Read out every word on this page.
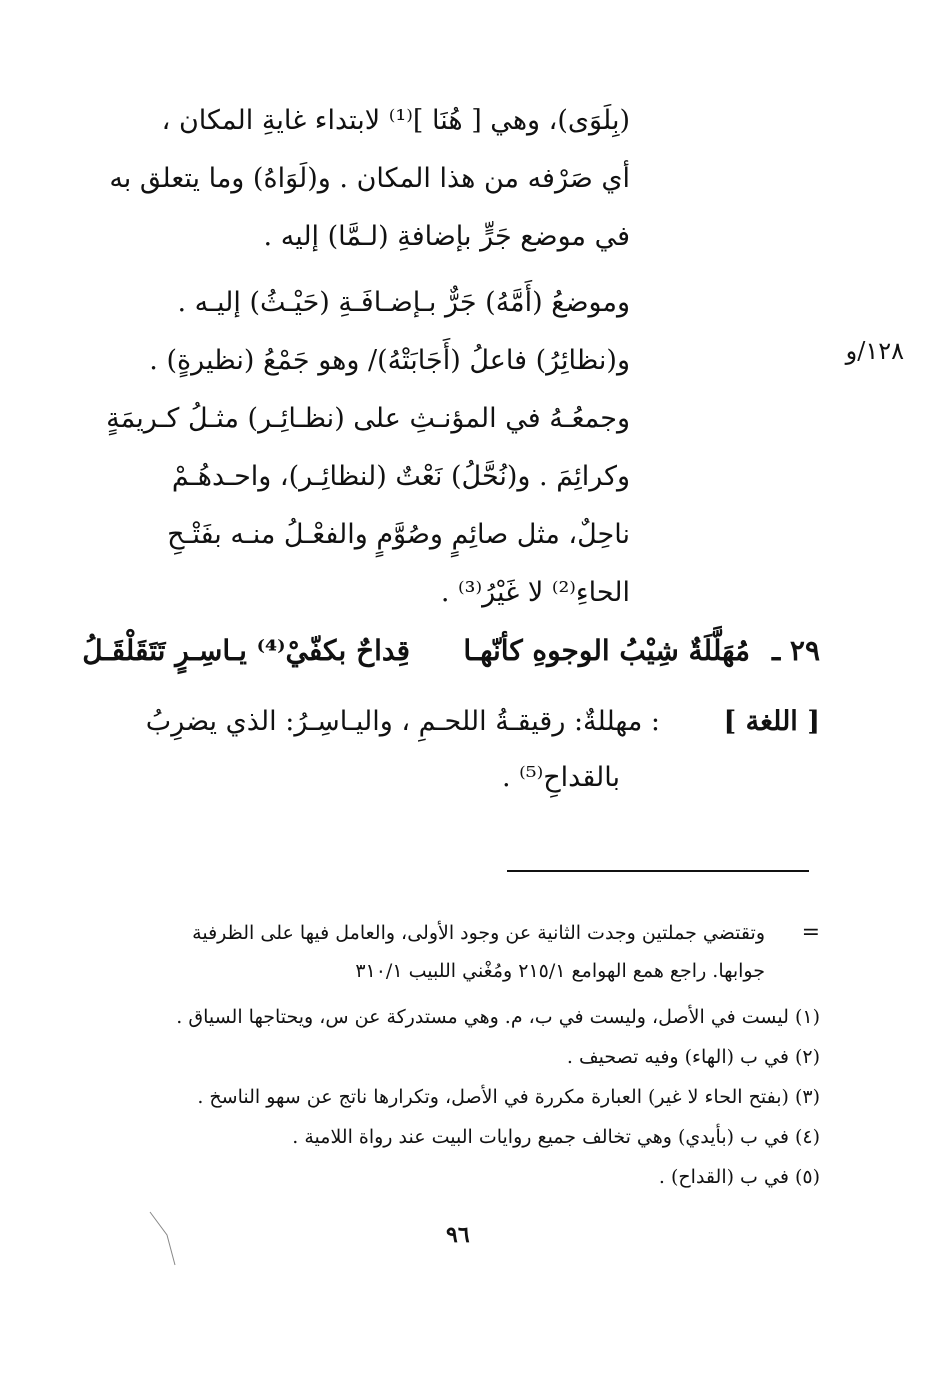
(بِلَوَى)، وهي [ هُنَا ]⁽¹⁾ لابتداء غايةِ المكان ،
أي صَرْفه من هذا المكان . و(لَوَاهُ) وما يتعلق به
في موضع جَرٍّ بإضافةِ (لـمَّا) إليه .
وموضعُ (أَمَّهُ) جَرٌّ بـإضـافَـةِ (حَيْـثُ) إليـه .
و(نظائِرُ) فاعلُ (أَجَابَتْهُ)/ وهو جَمْعُ (نظيرةٍ) .
وجمعُـهُ في المؤنـثِ على (نظـائِـر) مثـلُ كـريمَةٍ
وكرائِمَ . و(نُحَّلُ) نَعْتٌ (لنظائِـر)، واحـدهُـمْ
ناحِلٌ، مثل صائِمٍ وصُوَّمٍ والفعْـلُ منـه بفَتْـحِ
الحاءِ⁽²⁾ لا غَيْرُ⁽³⁾ .
١٢٨/و
٢٩ ـ
مُهَلَّلَةٌ شِيْبُ الوجوهِ كأنّهـا
قِداحٌ بكفّيْ⁽⁴⁾ يـاسِـرٍ تَتَقَلْقَـلُ
[ اللغة ]
: مهللةٌ: رقيقـةُ اللحـمِ ، واليـاسِـرُ: الذي يضرِبُ
بالقداحِ⁽⁵⁾ .
=
وتقتضي جملتين وجدت الثانية عن وجود الأولى، والعامل فيها على الظرفية
جوابها. راجع همع الهوامع ٢١٥/١ ومُغْني اللبيب ٣١٠/١
(١) ليست في الأصل، وليست في ب، م. وهي مستدركة عن س، ويحتاجها السياق .
(٢) في ب (الهاء) وفيه تصحيف .
(٣) (بفتح الحاء لا غير) العبارة مكررة في الأصل، وتكرارها ناتج عن سهو الناسخ .
(٤) في ب (بأيدي) وهي تخالف جميع روايات البيت عند رواة اللامية .
(٥) في ب (القداح) .
٩٦
